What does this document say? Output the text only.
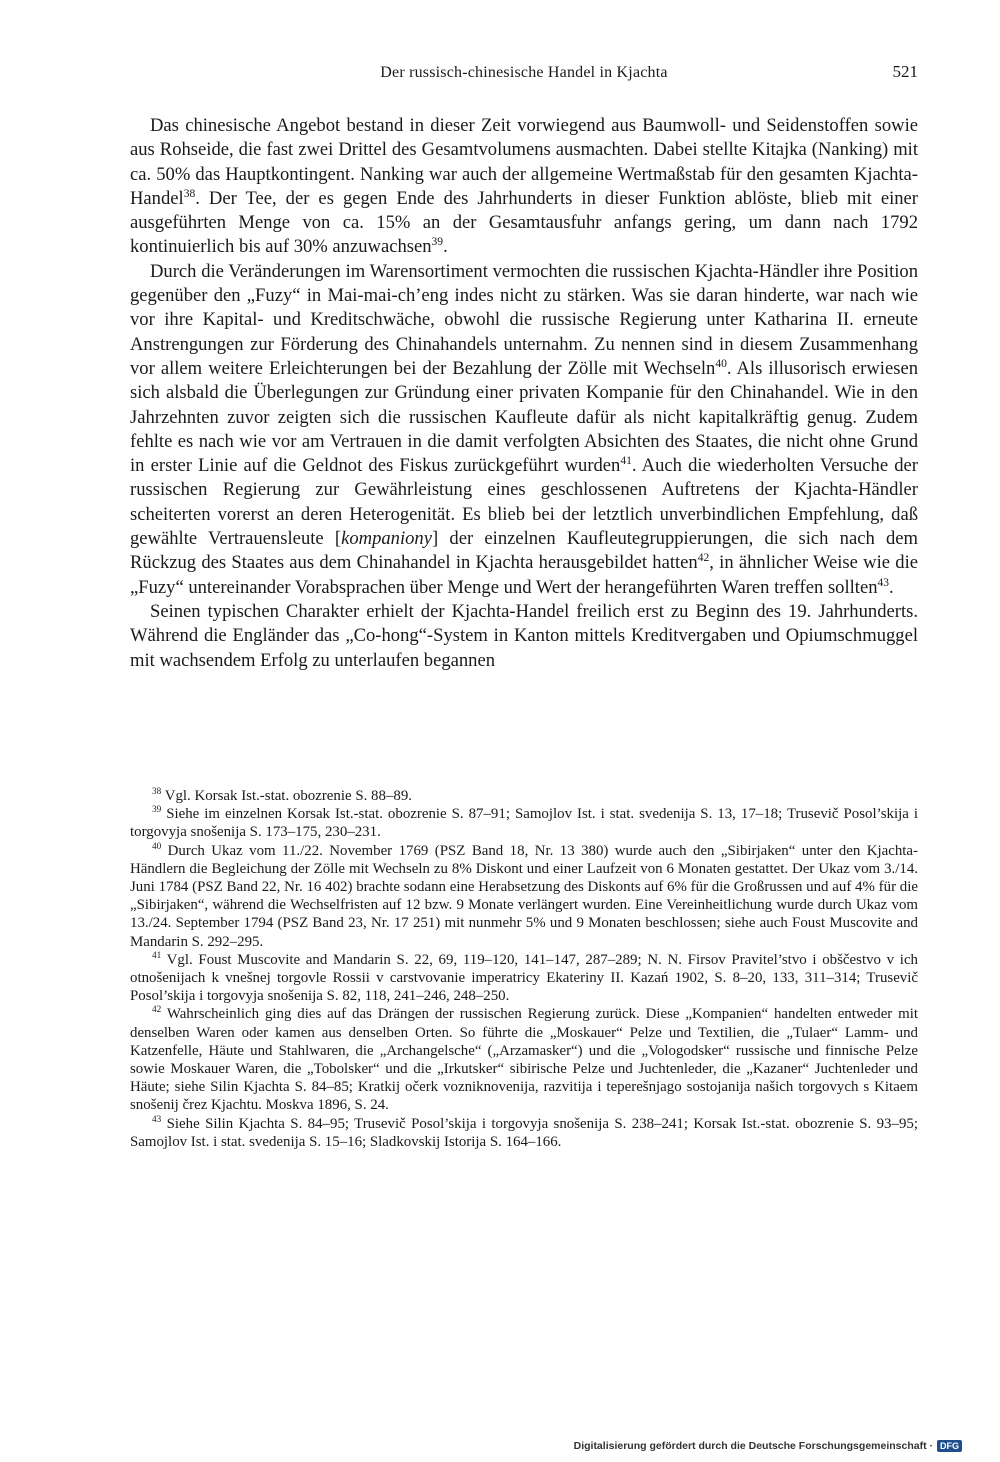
Der russisch-chinesische Handel in Kjachta	521

Das chinesische Angebot bestand in dieser Zeit vorwiegend aus Baumwoll- und Seidenstoffen sowie aus Rohseide, die fast zwei Drittel des Gesamtvolumens ausmachten. Dabei stellte Kitajka (Nanking) mit ca. 50% das Hauptkontingent. Nanking war auch der allgemeine Wertmaßstab für den gesamten Kjachta-Handel$^{38}$. Der Tee, der es gegen Ende des Jahrhunderts in dieser Funktion ablöste, blieb mit einer ausgeführten Menge von ca. 15% an der Gesamtausfuhr anfangs gering, um dann nach 1792 kontinuierlich bis auf 30% anzuwachsen$^{39}$.

Durch die Veränderungen im Warensortiment vermochten die russischen Kjachta-Händler ihre Position gegenüber den „Fuzy“ in Mai-mai-ch’eng indes nicht zu stärken. Was sie daran hinderte, war nach wie vor ihre Kapital- und Kreditschwäche, obwohl die russische Regierung unter Katharina II. erneute Anstrengungen zur Förderung des Chinahandels unternahm. Zu nennen sind in diesem Zusammenhang vor allem weitere Erleichterungen bei der Bezahlung der Zölle mit Wechseln$^{40}$. Als illusorisch erwiesen sich alsbald die Überlegungen zur Gründung einer privaten Kompanie für den Chinahandel. Wie in den Jahrzehnten zuvor zeigten sich die russischen Kaufleute dafür als nicht kapitalkräftig genug. Zudem fehlte es nach wie vor am Vertrauen in die damit verfolgten Absichten des Staates, die nicht ohne Grund in erster Linie auf die Geldnot des Fiskus zurückgeführt wurden$^{41}$. Auch die wiederholten Versuche der russischen Regierung zur Gewährleistung eines geschlossenen Auftretens der Kjachta-Händler scheiterten vorerst an deren Heterogenität. Es blieb bei der letztlich unverbindlichen Empfehlung, daß gewählte Vertrauensleute [kompaniony] der einzelnen Kaufleutegruppierungen, die sich nach dem Rückzug des Staates aus dem Chinahandel in Kjachta herausgebildet hatten$^{42}$, in ähnlicher Weise wie die „Fuzy“ untereinander Vorabsprachen über Menge und Wert der herangeführten Waren treffen sollten$^{43}$.

Seinen typischen Charakter erhielt der Kjachta-Handel freilich erst zu Beginn des 19. Jahrhunderts. Während die Engländer das „Co-hong“-System in Kanton mittels Kreditvergaben und Opiumschmuggel mit wachsendem Erfolg zu unterlaufen begannen

$^{38}$ Vgl. Korsak Ist.-stat. obozrenie S. 88–89.

$^{39}$ Siehe im einzelnen Korsak Ist.-stat. obozrenie S. 87–91; Samojlov Ist. i stat. svedenija S. 13, 17–18; Trusevič Posol’skija i torgovyja snošenija S. 173–175, 230–231.

$^{40}$ Durch Ukaz vom 11./22. November 1769 (PSZ Band 18, Nr. 13 380) wurde auch den „Sibirjaken“ unter den Kjachta-Händlern die Begleichung der Zölle mit Wechseln zu 8% Diskont und einer Laufzeit von 6 Monaten gestattet. Der Ukaz vom 3./14. Juni 1784 (PSZ Band 22, Nr. 16 402) brachte sodann eine Herabsetzung des Diskonts auf 6% für die Großrussen und auf 4% für die „Sibirjaken“, während die Wechselfristen auf 12 bzw. 9 Monate verlängert wurden. Eine Vereinheitlichung wurde durch Ukaz vom 13./24. September 1794 (PSZ Band 23, Nr. 17 251) mit nunmehr 5% und 9 Monaten beschlossen; siehe auch Foust Muscovite and Mandarin S. 292–295.

$^{41}$ Vgl. Foust Muscovite and Mandarin S. 22, 69, 119–120, 141–147, 287–289; N. N. Firsov Pravitel’stvo i obščestvo v ich otnošenijach k vnešnej torgovle Rossii v carstvovanie imperatricy Ekateriny II. Kazań 1902, S. 8–20, 133, 311–314; Trusevič Posol’skija i torgovyja snošenija S. 82, 118, 241–246, 248–250.

$^{42}$ Wahrscheinlich ging dies auf das Drängen der russischen Regierung zurück. Diese „Kompanien“ handelten entweder mit denselben Waren oder kamen aus denselben Orten. So führte die „Moskauer“ Pelze und Textilien, die „Tulaer“ Lamm- und Katzenfelle, Häute und Stahlwaren, die „Archangelsche“ („Arzamasker“) und die „Vologodsker“ russische und finnische Pelze sowie Moskauer Waren, die „Tobolsker“ und die „Irkutsker“ sibirische Pelze und Juchtenleder, die „Kazaner“ Juchtenleder und Häute; siehe Silin Kjachta S. 84–85; Kratkij očerk vozniknovenija, razvitija i teperešnjago sostojanija našich torgovych s Kitaem snošenij črez Kjachtu. Moskva 1896, S. 24.

$^{43}$ Siehe Silin Kjachta S. 84–95; Trusevič Posol’skija i torgovyja snošenija S. 238–241; Korsak Ist.-stat. obozrenie S. 93–95; Samojlov Ist. i stat. svedenija S. 15–16; Sladkovskij Istorija S. 164–166.

Digitalisierung gefördert durch die Deutsche Forschungsgemeinschaft · DFG
